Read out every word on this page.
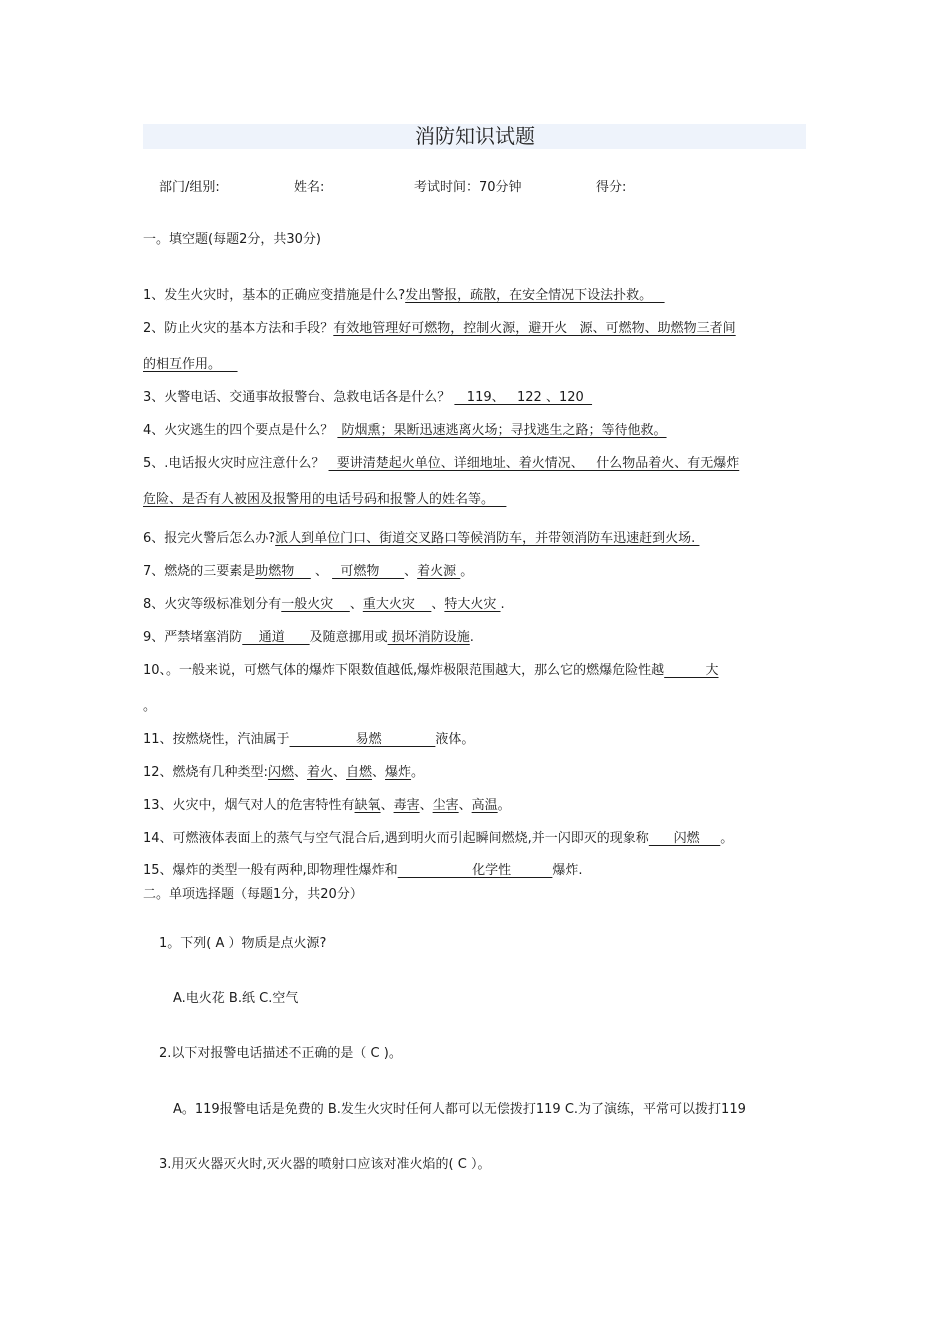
消防知识试题
部门/组别:	姓名:	考试时间：70分钟	得分:
一。填空题(每题2分，共30分)
1、发生火灾时，基本的正确应变措施是什么?发出警报，疏散，在安全情况下设法扑救。
2、防止火灾的基本方法和手段？有效地管理好可燃物，控制火源，避开火   源、可燃物、助燃物三者间
的相互作用。
3、火警电话、交通事故报警台、急救电话各是什么？    119、   122 、120
4、火灾逃生的四个要点是什么？  防烟熏；果断迅速逃离火场；寻找逃生之路；等待他救。
5、.电话报火灾时应注意什么？   要讲清楚起火单位、详细地址、着火情况、   什么物品着火、有无爆炸
危险、是否有人被困及报警用的电话号码和报警人的姓名等。
6、报完火警后怎么办?派人到单位门口、街道交叉路口等候消防车，并带领消防车迅速赶到火场.
7、燃烧的三要素是助燃物     、   可燃物      、着火源 。
8、火灾等级标准划分有一般火灾    、重大火灾    、特大火灾 .
9、严禁堵塞消防    通道      及随意挪用或 损坏消防设施.
10、。一般来说，可燃气体的爆炸下限数值越低,爆炸极限范围越大，那么它的燃爆危险性越          大
。
11、按燃烧性，汽油属于                易燃             液体。
12、燃烧有几种类型:闪燃、着火、自燃、爆炸。
13、火灾中，烟气对人的危害特性有缺氧、毒害、尘害、高温。
14、可燃液体表面上的蒸气与空气混合后,遇到明火而引起瞬间燃烧,并一闪即灭的现象称      闪燃     。
15、爆炸的类型一般有两种,即物理性爆炸和                  化学性          爆炸.
二。单项选择题（每题1分，共20分）
1。下列( A ）物质是点火源?
A.电火花 B.纸 C.空气
2.以下对报警电话描述不正确的是（ C )。
A。119报警电话是免费的 B.发生火灾时任何人都可以无偿拨打119 C.为了演练，平常可以拨打119
3.用灭火器灭火时,灭火器的喷射口应该对准火焰的( C ）。
